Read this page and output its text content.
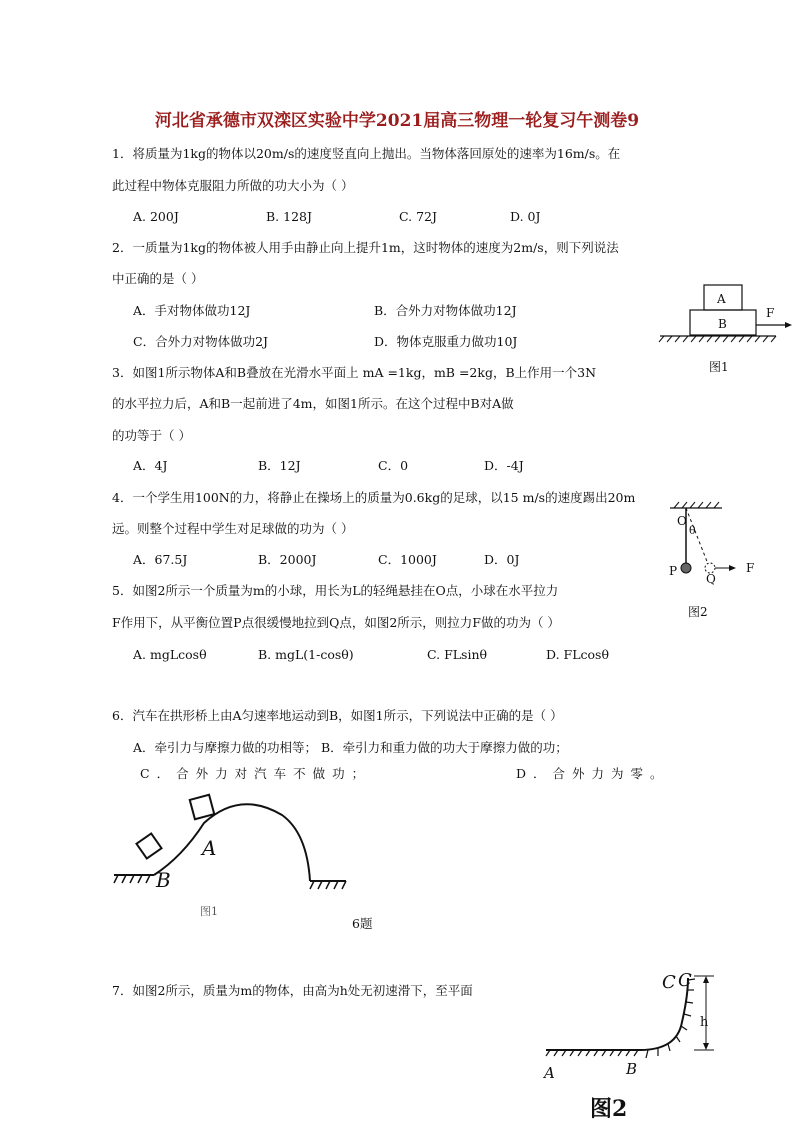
河北省承德市双滦区实验中学2021届高三物理一轮复习午测卷9
1．将质量为1kg的物体以20m/s的速度竖直向上抛出。当物体落回原处的速率为16m/s。在
此过程中物体克服阻力所做的功大小为（ ）
A. 200J	B. 128J	C. 72J	D. 0J
2．一质量为1kg的物体被人用手由静止向上提升1m，这时物体的速度为2m/s，则下列说法
中正确的是（ ）
A．手对物体做功12J	B．合外力对物体做功12J
C．合外力对物体做功2J	D．物体克服重力做功10J
3．如图1所示物体A和B叠放在光滑水平面上 mA =1kg，mB =2kg，B上作用一个3N
的水平拉力后，A和B一起前进了4m，如图1所示。在这个过程中B对A做
的功等于（ ）
A．4J	B．12J	C．0	D．-4J
4．一个学生用100N的力，将静止在操场上的质量为0.6kg的足球，以15 m/s的速度踢出20m
远。则整个过程中学生对足球做的功为（ ）
A．67.5J	B．2000J	C．1000J	D．0J
5．如图2所示一个质量为m的小球，用长为L的轻绳悬挂在O点，小球在水平拉力
F作用下，从平衡位置P点很缓慢地拉到Q点，如图2所示，则拉力F做的功为（ ）
A. mgLcosθ	B. mgL(1-cosθ)	C. FLsinθ	D. FLcosθ
6．汽车在拱形桥上由A匀速率地运动到B，如图1所示，下列说法中正确的是（ ）
A．牵引力与摩擦力做的功相等； B．牵引力和重力做的功大于摩擦力做的功；
C．合外力对汽车不做功；	D．合外力为零。
7．如图2所示，质量为m的物体，由高为h处无初速滑下，至平面
A
B
F
图1
O
θ
P
Q
F
图2
A
B
图1
6题
C C
h
A	B
图2
